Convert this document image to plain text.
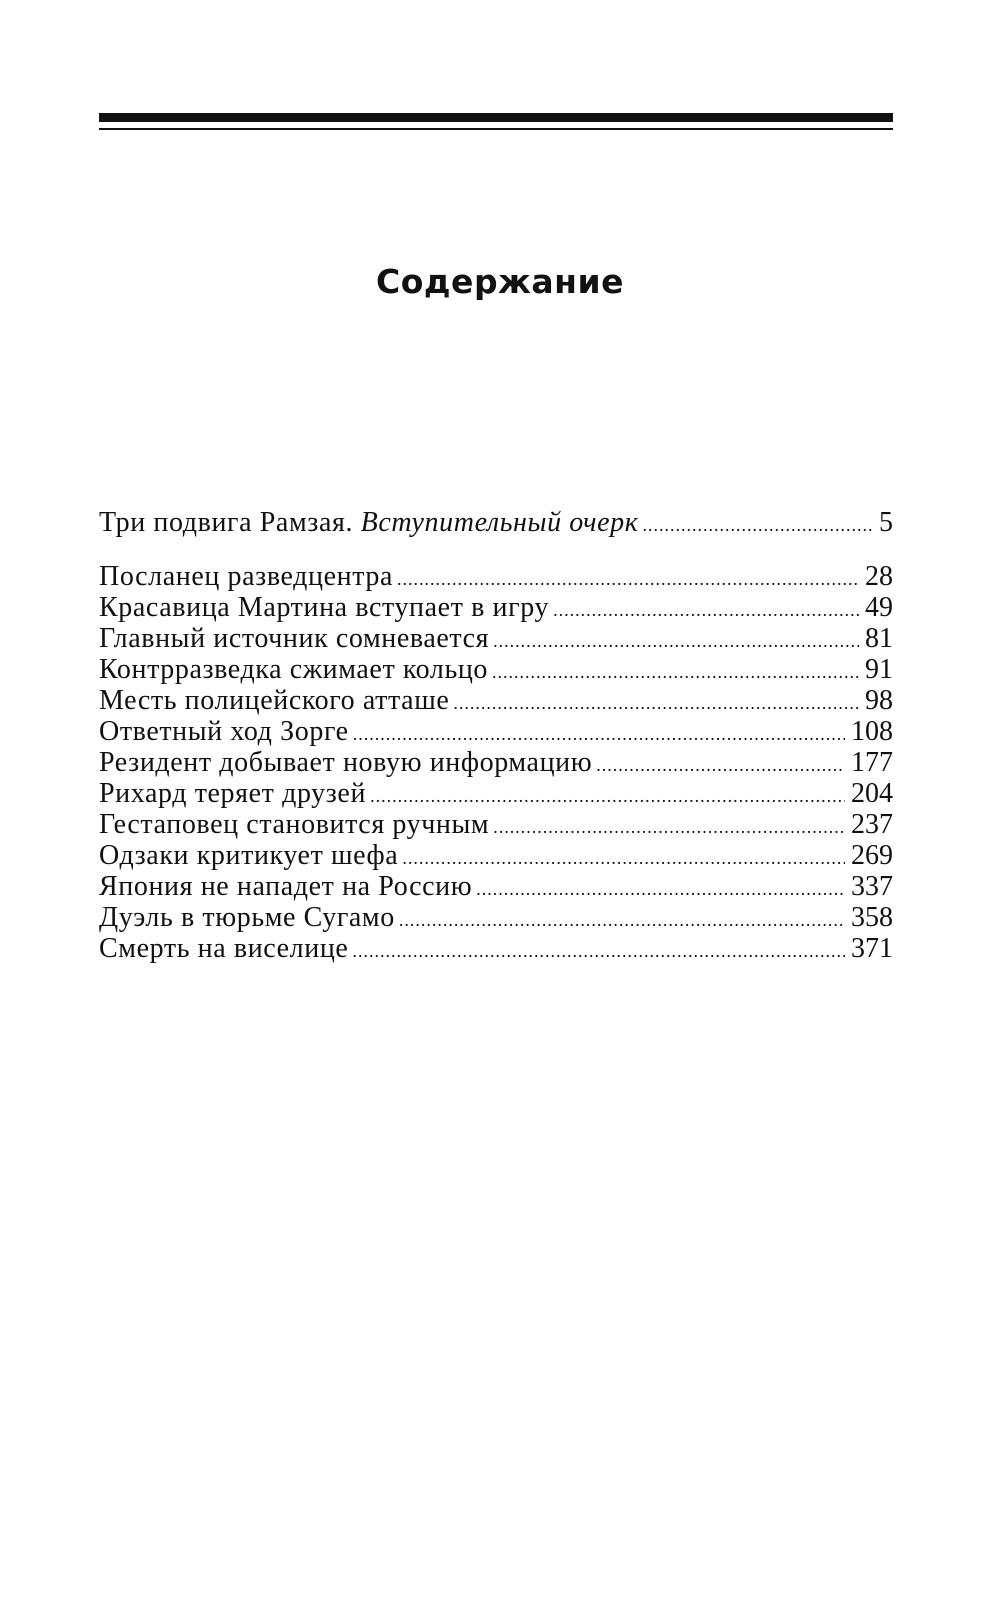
Содержание
Три подвига Рамзая. Вступительный очерк .....	5
Посланец разведцентра .....	28
Красавица Мартина вступает в игру .....	49
Главный источник сомневается .....	81
Контрразведка сжимает кольцо .....	91
Месть полицейского атташе .....	98
Ответный ход Зорге .....	108
Резидент добывает новую информацию .....	177
Рихард теряет друзей .....	204
Гестаповец становится ручным .....	237
Одзаки критикует шефа .....	269
Япония не нападет на Россию .....	337
Дуэль в тюрьме Сугамо .....	358
Смерть на виселице .....	371
